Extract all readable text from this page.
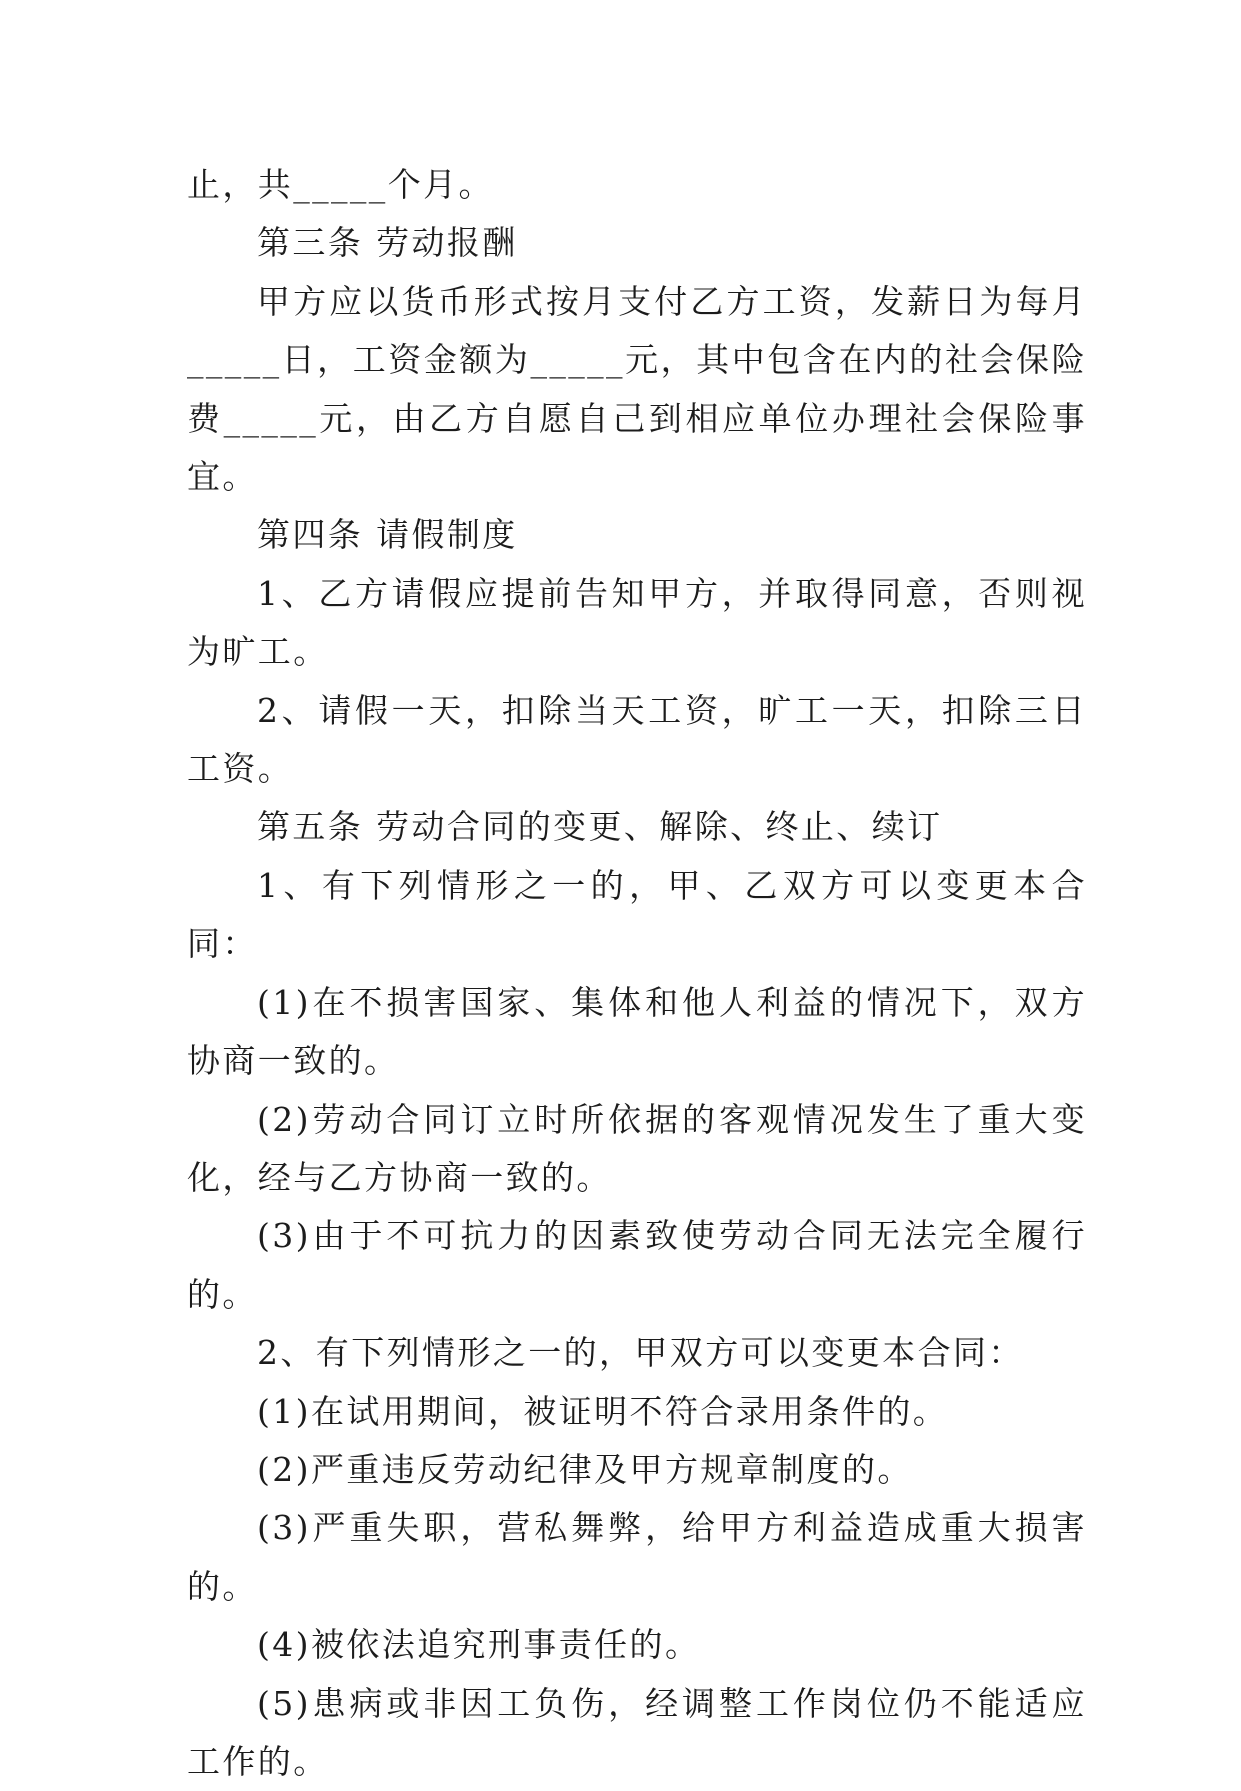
止，共_____个月。

第三条 劳动报酬

甲方应以货币形式按月支付乙方工资，发薪日为每月_____日，工资金额为_____元，其中包含在内的社会保险费_____元，由乙方自愿自己到相应单位办理社会保险事宜。

第四条 请假制度

1、乙方请假应提前告知甲方，并取得同意，否则视为旷工。

2、请假一天，扣除当天工资，旷工一天，扣除三日工资。

第五条 劳动合同的变更、解除、终止、续订

1、有下列情形之一的，甲、乙双方可以变更本合同：

(1)在不损害国家、集体和他人利益的情况下，双方协商一致的。

(2)劳动合同订立时所依据的客观情况发生了重大变化，经与乙方协商一致的。

(3)由于不可抗力的因素致使劳动合同无法完全履行的。

2、有下列情形之一的，甲双方可以变更本合同：

(1)在试用期间，被证明不符合录用条件的。

(2)严重违反劳动纪律及甲方规章制度的。

(3)严重失职，营私舞弊，给甲方利益造成重大损害的。

(4)被依法追究刑事责任的。

(5)患病或非因工负伤，经调整工作岗位仍不能适应工作的。
